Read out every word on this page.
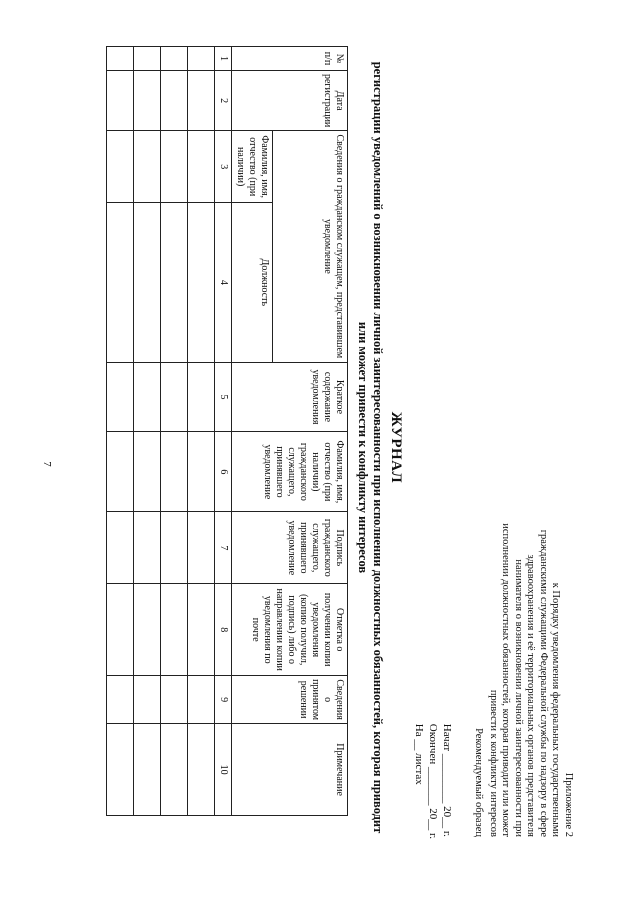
7
Приложение 2
к Порядку уведомления федеральных государственными
гражданскими служащими Федеральной службы по надзору в сфере
здравоохранения и её территориальных органов представителя
нанимателя о возникновении личной заинтересованности при
исполнении должностных обязанностей, которая приводит или может
привести к конфликту интересов
Рекомендуемый образец
Начат _________ 20__ г.
Окончен _______ 20__ г.
На __ листах
ЖУРНАЛ
регистрации уведомлений о возникновении личной заинтересованности при исполнении должностных обязанностей, которая приводит или может привести к конфликту интересов
№ п/п	Дата регистрации	Сведения о гражданском служащем, представившем уведомление		Краткое содержание уведомления	Фамилия, имя, отчество (при наличии) гражданского служащего, принявшего уведомление	Подпись гражданского служащего, принявшего уведомление	Отметка о получении копии уведомления (копию получил, подпись) либо о направлении копии уведомления по почте	Сведения о принятом решении	Примечание
		Фамилия, имя, отчество (при наличии)	Должность						
1	2	3	4	5	6	7	8	9	10
